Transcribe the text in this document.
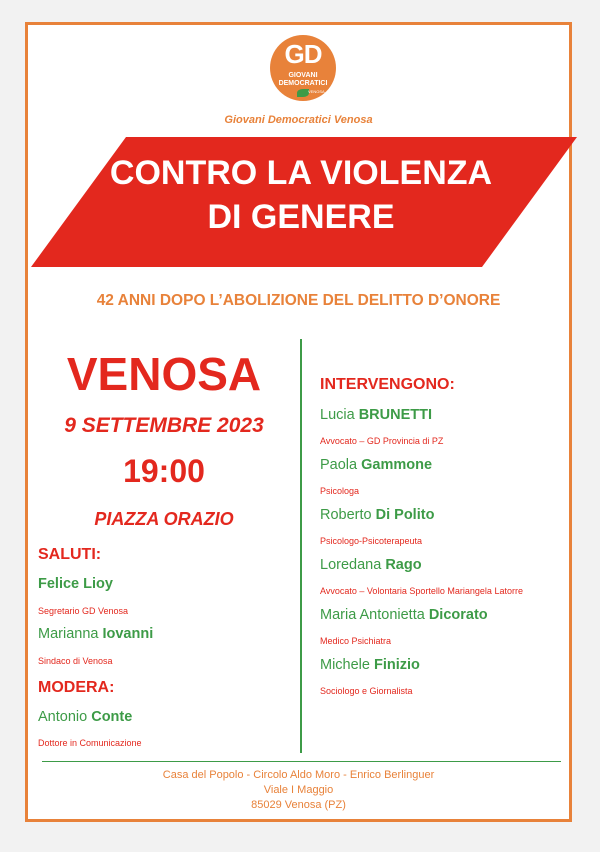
GD
GIOVANI
DEMOCRATICI
VENOSA
Giovani Democratici Venosa
CONTRO LA VIOLENZA
DI GENERE
42 ANNI DOPO L’ABOLIZIONE DEL DELITTO D’ONORE
VENOSA
9 SETTEMBRE 2023
19:00
PIAZZA ORAZIO
SALUTI:
Felice Lioy
Segretario GD Venosa
Marianna Iovanni
Sindaco di Venosa
MODERA:
Antonio Conte
Dottore in Comunicazione
INTERVENGONO:
Lucia BRUNETTI
Avvocato – GD Provincia di PZ
Paola Gammone
Psicologa
Roberto Di Polito
Psicologo-Psicoterapeuta
Loredana Rago
Avvocato – Volontaria Sportello Mariangela Latorre
Maria Antonietta Dicorato
Medico Psichiatra
Michele Finizio
Sociologo e Giornalista
Casa del Popolo - Circolo Aldo Moro - Enrico Berlinguer
Viale I Maggio
85029 Venosa (PZ)
